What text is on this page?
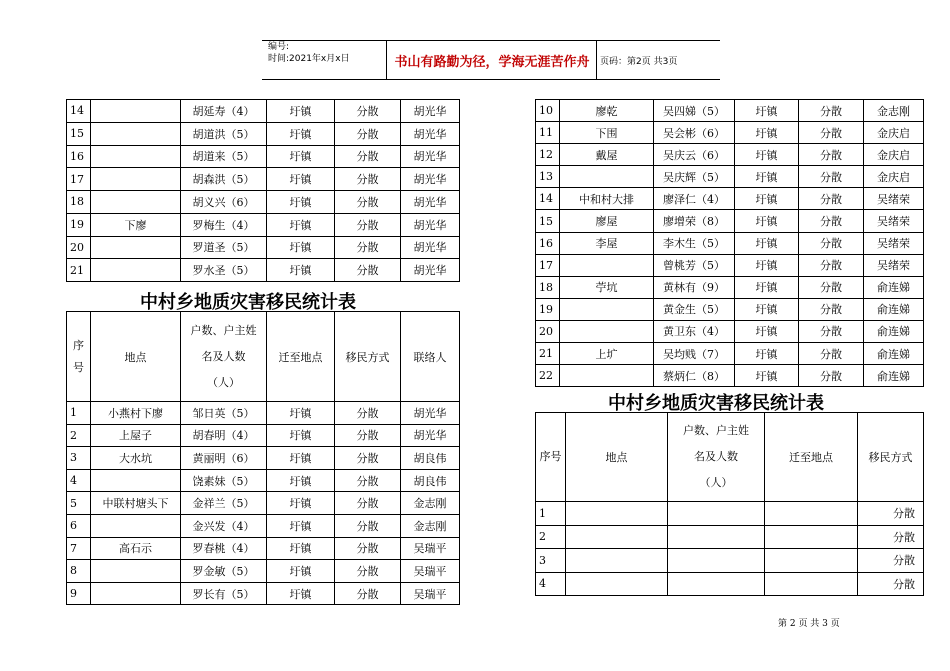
编号:
时间:2021年x月x日	书山有路勤为径，学海无涯苦作舟	页码：第2页 共3页
14		胡延寿（4）	圩镇	分散	胡光华
15		胡道洪（5）	圩镇	分散	胡光华
16		胡道来（5）	圩镇	分散	胡光华
17		胡森洪（5）	圩镇	分散	胡光华
18		胡义兴（6）	圩镇	分散	胡光华
19	下廖	罗梅生（4）	圩镇	分散	胡光华
20		罗道圣（5）	圩镇	分散	胡光华
21		罗水圣（5）	圩镇	分散	胡光华
中村乡地质灾害移民统计表
序号	地点	户数、户主姓
名及人数
（人）	迁至地点	移民方式	联络人
1	小燕村下廖	邹日英（5）	圩镇	分散	胡光华
2	上屋子	胡春明（4）	圩镇	分散	胡光华
3	大水坑	黄丽明（6）	圩镇	分散	胡良伟
4		饶素妹（5）	圩镇	分散	胡良伟
5	中联村塘头下	金祥兰（5）	圩镇	分散	金志刚
6		金兴发（4）	圩镇	分散	金志刚
7	高石示	罗春桃（4）	圩镇	分散	吴瑞平
8		罗金敏（5）	圩镇	分散	吴瑞平
9		罗长有（5）	圩镇	分散	吴瑞平
10	廖乾	吴四娣（5）	圩镇	分散	金志刚
11	下围	吴会彬（6）	圩镇	分散	金庆启
12	戴屋	吴庆云（6）	圩镇	分散	金庆启
13		吴庆辉（5）	圩镇	分散	金庆启
14	中和村大排	廖泽仁（4）	圩镇	分散	吴绪荣
15	廖屋	廖增荣（8）	圩镇	分散	吴绪荣
16	李屋	李木生（5）	圩镇	分散	吴绪荣
17		曾桃芳（5）	圩镇	分散	吴绪荣
18	苧坑	黄林有（9）	圩镇	分散	俞连娣
19		黄金生（5）	圩镇	分散	俞连娣
20		黄卫东（4）	圩镇	分散	俞连娣
21	上圹	吴均贱（7）	圩镇	分散	俞连娣
22		蔡炳仁（8）	圩镇	分散	俞连娣
中村乡地质灾害移民统计表
序号	地点	户数、户主姓
名及人数
（人）	迁至地点	移民方式
1				分散
2				分散
3				分散
4				分散
第 2 页 共 3 页
